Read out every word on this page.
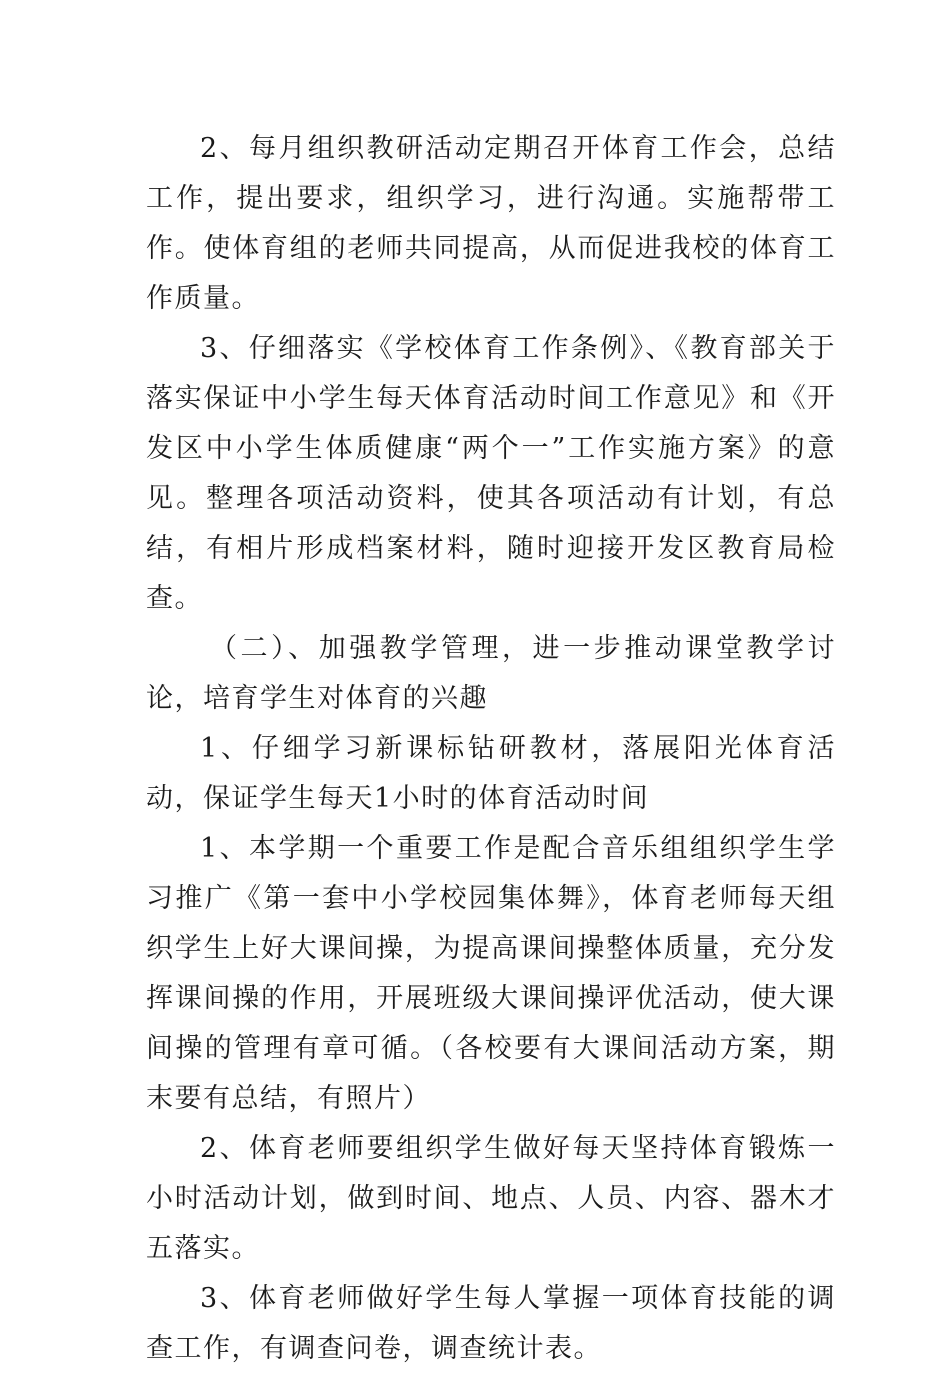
2、每月组织教研活动定期召开体育工作会，总结工作，提出要求，组织学习，进行沟通。实施帮带工作。使体育组的老师共同提高，从而促进我校的体育工作质量。

3、仔细落实《学校体育工作条例》、《教育部关于落实保证中小学生每天体育活动时间工作意见》和《开发区中小学生体质健康“两个一”工作实施方案》的意见。整理各项活动资料，使其各项活动有计划，有总结，有相片形成档案材料，随时迎接开发区教育局检查。

（二）、加强教学管理，进一步推动课堂教学讨论，培育学生对体育的兴趣

1、仔细学习新课标钻研教材，落展阳光体育活动，保证学生每天1小时的体育活动时间

1、本学期一个重要工作是配合音乐组组织学生学习推广《第一套中小学校园集体舞》，体育老师每天组织学生上好大课间操，为提高课间操整体质量，充分发挥课间操的作用，开展班级大课间操评优活动，使大课间操的管理有章可循。（各校要有大课间活动方案，期末要有总结，有照片）

2、体育老师要组织学生做好每天坚持体育锻炼一小时活动计划，做到时间、地点、人员、内容、器木才五落实。

3、体育老师做好学生每人掌握一项体育技能的调查工作，有调查问卷，调查统计表。
